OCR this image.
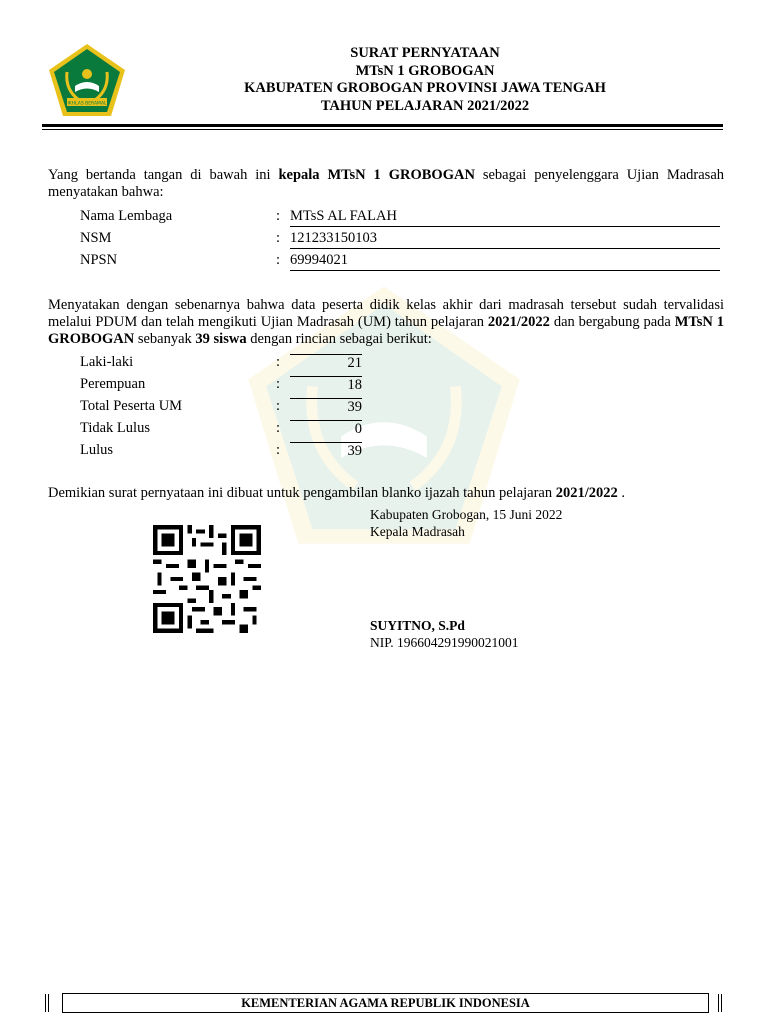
IKHLAS BERAMAL
SURAT PERNYATAAN
MTsN 1 GROBOGAN
KABUPATEN GROBOGAN PROVINSI JAWA TENGAH
TAHUN PELAJARAN 2021/2022
Yang bertanda tangan di bawah ini kepala MTsN 1 GROBOGAN sebagai penyelenggara Ujian Madrasah menyatakan bahwa:
Nama Lembaga	: MTsS AL FALAH
NSM	: 121233150103
NPSN	: 69994021
Menyatakan dengan sebenarnya bahwa data peserta didik kelas akhir dari madrasah tersebut sudah tervalidasi melalui PDUM dan telah mengikuti Ujian Madrasah (UM) tahun pelajaran 2021/2022 dan bergabung pada MTsN 1 GROBOGAN sebanyak 39 siswa dengan rincian sebagai berikut:
Laki-laki	:	21
Perempuan	:	18
Total Peserta UM	:	39
Tidak Lulus	:	0
Lulus	:	39
Demikian surat pernyataan ini dibuat untuk pengambilan blanko ijazah tahun pelajaran 2021/2022 .
Kabupaten Grobogan, 15 Juni 2022
Kepala Madrasah
SUYITNO, S.Pd
NIP. 196604291990021001
KEMENTERIAN AGAMA REPUBLIK INDONESIA
